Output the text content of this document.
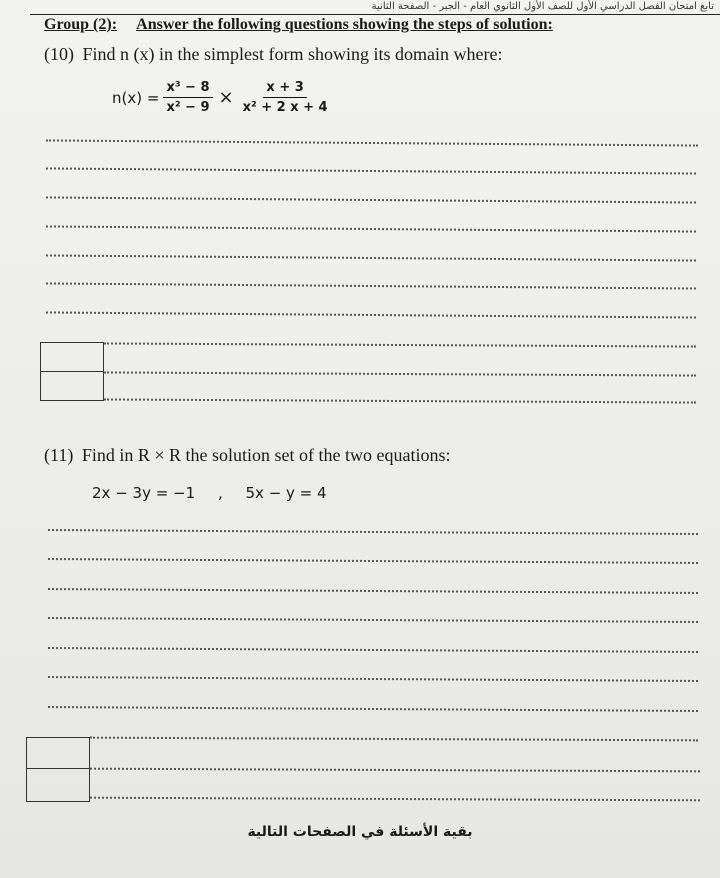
تابع امتحان الفصل الدراسي الأول للصف الأول الثانوي العام - الجبر - الصفحة الثانية
Group (2): Answer the following questions showing the steps of solution:
(10) Find n (x) in the simplest form showing its domain where:
$n(x) = \frac{\text{x³ − 8}}{\text{x² − 9}} \times \frac{x + 3}{\text{x² + 2 x + 4}}$
(11) Find in R × R the solution set of the two equations:
2x − 3y = −1 , 5x − y = 4
بقية الأسئلة في الصفحات التالية
